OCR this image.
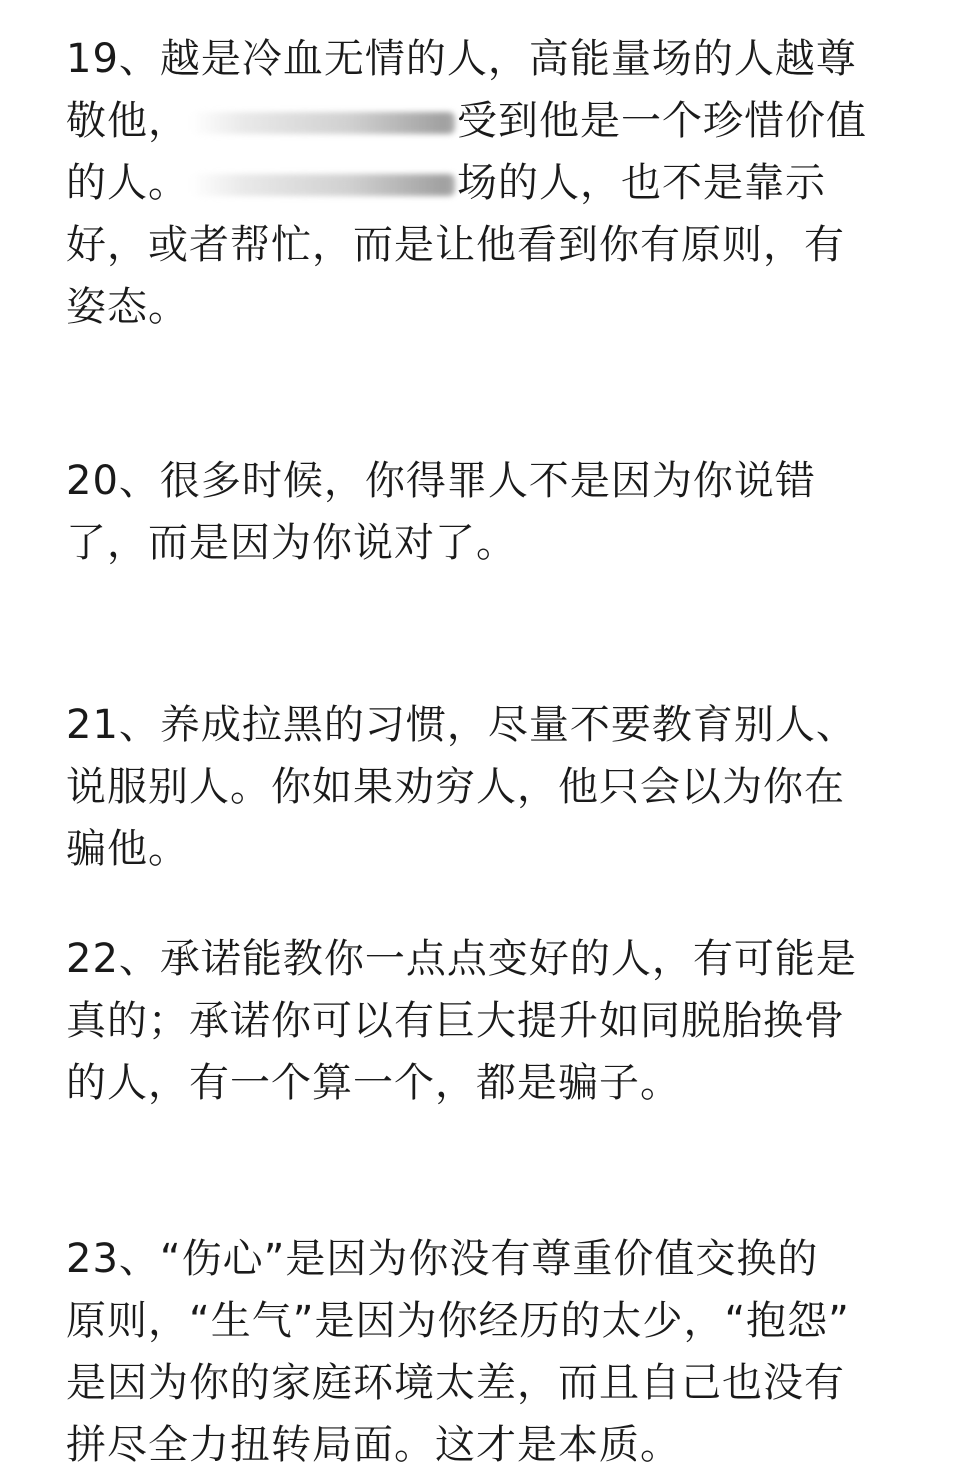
19、越是冷血无情的人，高能量场的人越尊
敬他，	受到他是一个珍惜价值
的人。	场的人，也不是靠示
好，或者帮忙，而是让他看到你有原则，有
姿态。
20、很多时候，你得罪人不是因为你说错
了，而是因为你说对了。
21、养成拉黑的习惯，尽量不要教育别人、
说服别人。你如果劝穷人，他只会以为你在
骗他。
22、承诺能教你一点点变好的人，有可能是
真的；承诺你可以有巨大提升如同脱胎换骨
的人，有一个算一个，都是骗子。
23、“伤心”是因为你没有尊重价值交换的
原则，“生气”是因为你经历的太少，“抱怨”
是因为你的家庭环境太差，而且自己也没有
拼尽全力扭转局面。这才是本质。
